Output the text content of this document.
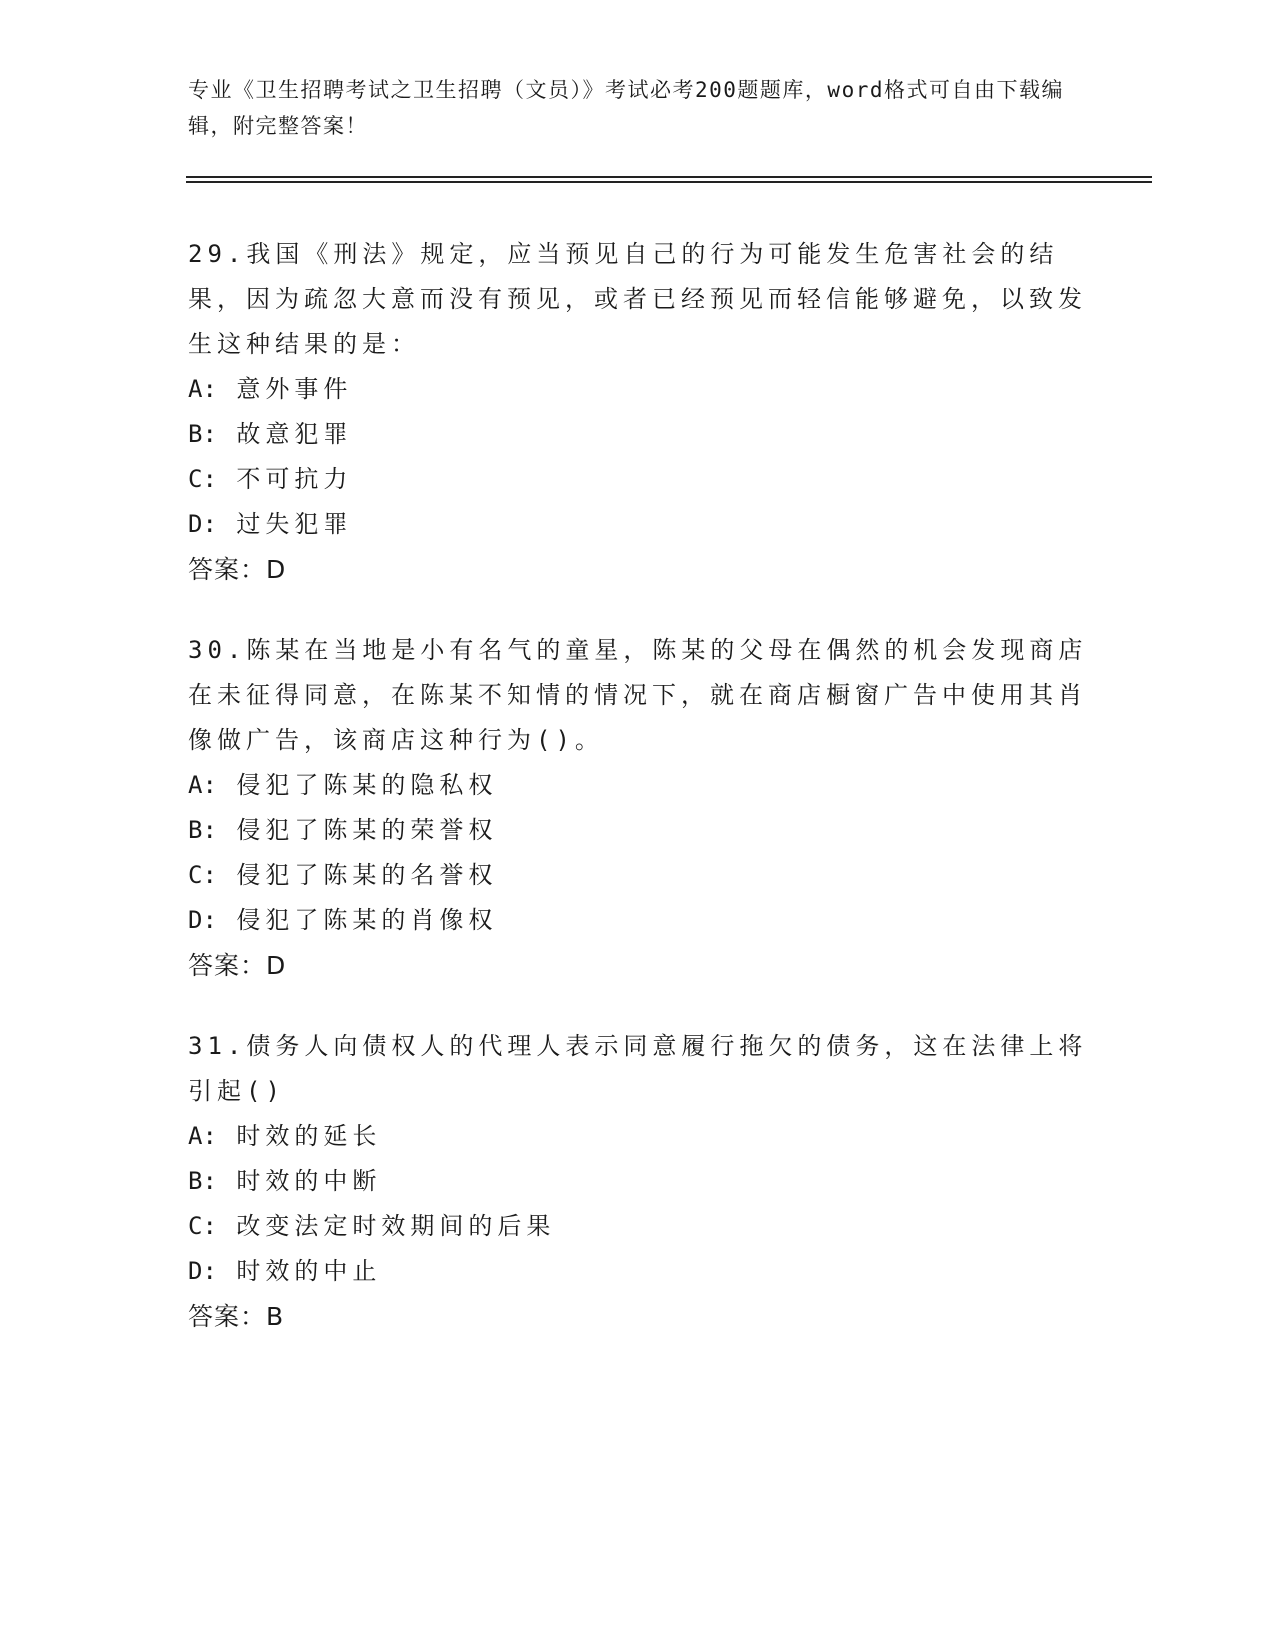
专业《卫生招聘考试之卫生招聘（文员）》考试必考200题题库，word格式可自由下载编辑，附完整答案！

29.我国《刑法》规定，应当预见自己的行为可能发生危害社会的结果，因为疏忽大意而没有预见，或者已经预见而轻信能够避免，以致发生这种结果的是：

A: 意外事件
B: 故意犯罪
C: 不可抗力
D: 过失犯罪
答案：D

30.陈某在当地是小有名气的童星，陈某的父母在偶然的机会发现商店在未征得同意，在陈某不知情的情况下，就在商店橱窗广告中使用其肖像做广告，该商店这种行为()。

A: 侵犯了陈某的隐私权
B: 侵犯了陈某的荣誉权
C: 侵犯了陈某的名誉权
D: 侵犯了陈某的肖像权
答案：D

31.债务人向债权人的代理人表示同意履行拖欠的债务，这在法律上将引起()

A: 时效的延长
B: 时效的中断
C: 改变法定时效期间的后果
D: 时效的中止
答案：B
